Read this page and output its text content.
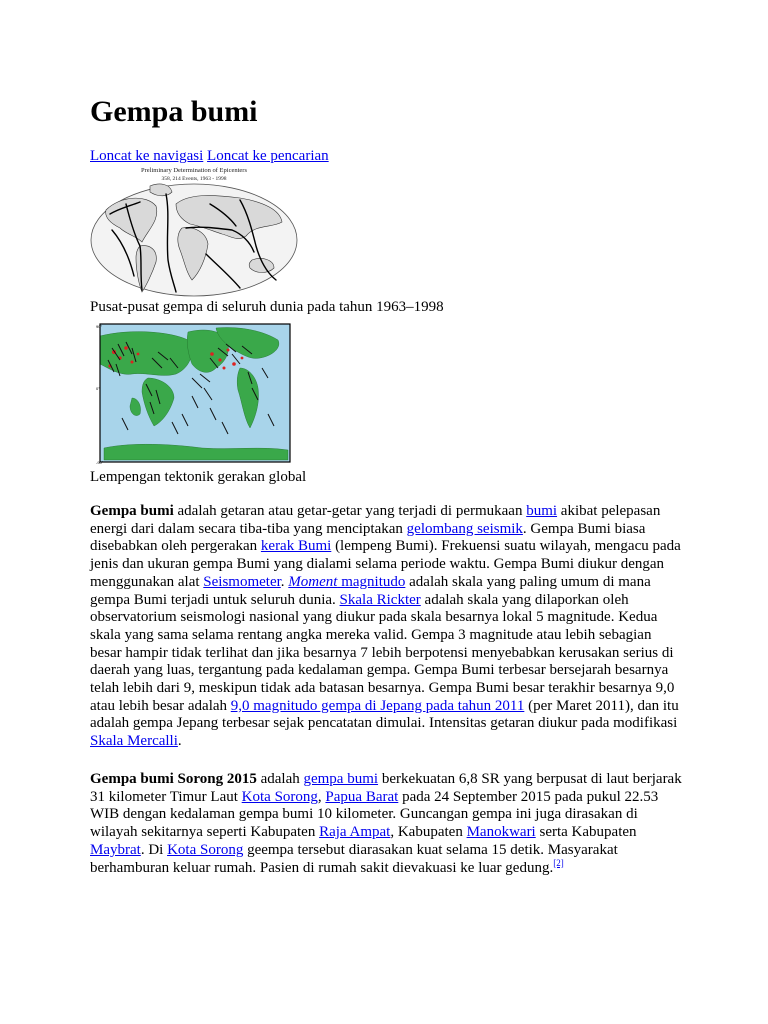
Gempa bumi
Loncat ke navigasi Loncat ke pencarian
Preliminary Determination of Epicenters
358, 214 Events, 1963 - 1998
Pusat-pusat gempa di seluruh dunia pada tahun 1963–1998
90°
0°
-90°
Lempengan tektonik gerakan global

Gempa bumi adalah getaran atau getar-getar yang terjadi di permukaan bumi akibat pelepasan energi dari dalam secara tiba-tiba yang menciptakan gelombang seismik. Gempa Bumi biasa disebabkan oleh pergerakan kerak Bumi (lempeng Bumi). Frekuensi suatu wilayah, mengacu pada jenis dan ukuran gempa Bumi yang dialami selama periode waktu. Gempa Bumi diukur dengan menggunakan alat Seismometer. Moment magnitudo adalah skala yang paling umum di mana gempa Bumi terjadi untuk seluruh dunia. Skala Rickter adalah skala yang dilaporkan oleh observatorium seismologi nasional yang diukur pada skala besarnya lokal 5 magnitude. Kedua skala yang sama selama rentang angka mereka valid. Gempa 3 magnitude atau lebih sebagian besar hampir tidak terlihat dan jika besarnya 7 lebih berpotensi menyebabkan kerusakan serius di daerah yang luas, tergantung pada kedalaman gempa. Gempa Bumi terbesar bersejarah besarnya telah lebih dari 9, meskipun tidak ada batasan besarnya. Gempa Bumi besar terakhir besarnya 9,0 atau lebih besar adalah 9,0 magnitudo gempa di Jepang pada tahun 2011 (per Maret 2011), dan itu adalah gempa Jepang terbesar sejak pencatatan dimulai. Intensitas getaran diukur pada modifikasi Skala Mercalli.

Gempa bumi Sorong 2015 adalah gempa bumi berkekuatan 6,8 SR yang berpusat di laut berjarak 31 kilometer Timur Laut Kota Sorong, Papua Barat pada 24 September 2015 pada pukul 22.53 WIB dengan kedalaman gempa bumi 10 kilometer. Guncangan gempa ini juga dirasakan di wilayah sekitarnya seperti Kabupaten Raja Ampat, Kabupaten Manokwari serta Kabupaten Maybrat. Di Kota Sorong geempa tersebut diarasakan kuat selama 15 detik. Masyarakat berhamburan keluar rumah. Pasien di rumah sakit dievakuasi ke luar gedung.[2]
